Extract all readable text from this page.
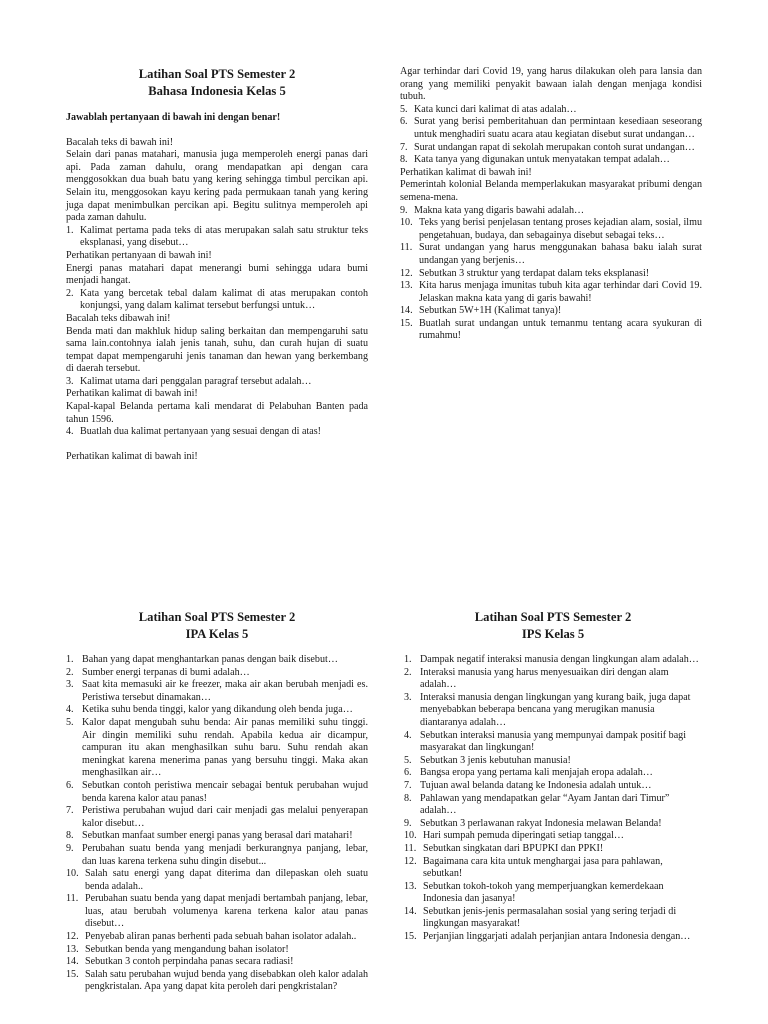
Latihan Soal PTS Semester 2
Bahasa Indonesia Kelas 5

Jawablah pertanyaan di bawah ini dengan benar!

Bacalah teks di bawah ini!

Selain dari panas matahari, manusia juga memperoleh energi panas dari api. Pada zaman dahulu, orang mendapatkan api dengan cara menggosokkan dua buah batu yang kering sehingga timbul percikan api. Selain itu, menggosokan kayu kering pada permukaan tanah yang kering juga dapat menimbulkan percikan api. Begitu sulitnya memperoleh api pada zaman dahulu.

1. Kalimat pertama pada teks di atas merupakan salah satu struktur teks eksplanasi, yang disebut…

Perhatikan pertanyaan di bawah ini!

Energi panas matahari dapat menerangi bumi sehingga udara bumi menjadi hangat.

2. Kata yang bercetak tebal dalam kalimat di atas merupakan contoh konjungsi, yang dalam kalimat tersebut berfungsi untuk…

Bacalah teks dibawah ini!

Benda mati dan makhluk hidup saling berkaitan dan mempengaruhi satu sama lain.contohnya ialah jenis tanah, suhu, dan curah hujan di suatu tempat dapat mempengaruhi jenis tanaman dan hewan yang berkembang di daerah tersebut.

3. Kalimat utama dari penggalan paragraf tersebut adalah…

Perhatikan kalimat di bawah ini!

Kapal-kapal Belanda pertama kali mendarat di Pelabuhan Banten pada tahun 1596.

4. Buatlah dua kalimat pertanyaan yang sesuai dengan di atas!

Perhatikan kalimat di bawah ini!

Agar terhindar dari Covid 19, yang harus dilakukan oleh para lansia dan orang yang memiliki penyakit bawaan ialah dengan menjaga kondisi tubuh.

5. Kata kunci dari kalimat di atas adalah…
6. Surat yang berisi pemberitahuan dan permintaan kesediaan seseorang untuk menghadiri suatu acara atau kegiatan disebut surat undangan…
7. Surat undangan rapat di sekolah merupakan contoh surat undangan…
8. Kata tanya yang digunakan untuk menyatakan tempat adalah…

Perhatikan kalimat di bawah ini!

Pemerintah kolonial Belanda memperlakukan masyarakat pribumi dengan semena-mena.

9. Makna kata yang digaris bawahi adalah…
10. Teks yang berisi penjelasan tentang proses kejadian alam, sosial, ilmu pengetahuan, budaya, dan sebagainya disebut sebagai teks…
11. Surat undangan yang harus menggunakan bahasa baku ialah surat undangan yang berjenis…
12. Sebutkan 3 struktur yang terdapat dalam teks eksplanasi!
13. Kita harus menjaga imunitas tubuh kita agar terhindar dari Covid 19. Jelaskan makna kata yang di garis bawahi!
14. Sebutkan 5W+1H (Kalimat tanya)!
15. Buatlah surat undangan untuk temanmu tentang acara syukuran di rumahmu!
Latihan Soal PTS Semester 2
IPA Kelas 5
1. Bahan yang dapat menghantarkan panas dengan baik disebut…
2. Sumber energi terpanas di bumi adalah…
3. Saat kita memasuki air ke freezer, maka air akan berubah menjadi es. Peristiwa tersebut dinamakan…
4. Ketika suhu benda tinggi, kalor yang dikandung oleh benda juga…
5. Kalor dapat mengubah suhu benda: Air panas memiliki suhu tinggi. Air dingin memiliki suhu rendah. Apabila kedua air dicampur, campuran itu akan menghasilkan suhu baru. Suhu rendah akan meningkat karena menerima panas yang bersuhu tinggi. Maka akan menghasilkan air…
6. Sebutkan contoh peristiwa mencair sebagai bentuk perubahan wujud benda karena kalor atau panas!
7. Peristiwa perubahan wujud dari cair menjadi gas melalui penyerapan kalor disebut…
8. Sebutkan manfaat sumber energi panas yang berasal dari matahari!
9. Perubahan suatu benda yang menjadi berkurangnya panjang, lebar, dan luas karena terkena suhu dingin disebut...
10. Salah satu energi yang dapat diterima dan dilepaskan oleh suatu benda adalah..
11. Perubahan suatu benda yang dapat menjadi bertambah panjang, lebar, luas, atau berubah volumenya karena terkena kalor atau panas disebut…
12. Penyebab aliran panas berhenti pada sebuah bahan isolator adalah..
13. Sebutkan benda yang mengandung bahan isolator!
14. Sebutkan 3 contoh perpindaha panas secara radiasi!
15. Salah satu perubahan wujud benda yang disebabkan oleh kalor adalah pengkristalan. Apa yang dapat kita peroleh dari pengkristalan?
Latihan Soal PTS Semester 2
IPS Kelas 5
1. Dampak negatif interaksi manusia dengan lingkungan alam adalah…
2. Interaksi manusia yang harus menyesuaikan diri dengan alam adalah…
3. Interaksi manusia dengan lingkungan yang kurang baik, juga dapat menyebabkan beberapa bencana yang merugikan manusia diantaranya adalah…
4. Sebutkan interaksi manusia yang mempunyai dampak positif bagi masyarakat dan lingkungan!
5. Sebutkan 3 jenis kebutuhan manusia!
6. Bangsa eropa yang pertama kali menjajah eropa adalah…
7. Tujuan awal belanda datang ke Indonesia adalah untuk…
8. Pahlawan yang mendapatkan gelar “Ayam Jantan dari Timur” adalah…
9. Sebutkan 3 perlawanan rakyat Indonesia melawan Belanda!
10. Hari sumpah pemuda diperingati setiap tanggal…
11. Sebutkan singkatan dari BPUPKI dan PPKI!
12. Bagaimana cara kita untuk menghargai jasa para pahlawan, sebutkan!
13. Sebutkan tokoh-tokoh yang memperjuangkan kemerdekaan Indonesia dan jasanya!
14. Sebutkan jenis-jenis permasalahan sosial yang sering terjadi di lingkungan masyarakat!
15. Perjanjian linggarjati adalah perjanjian antara Indonesia dengan…
